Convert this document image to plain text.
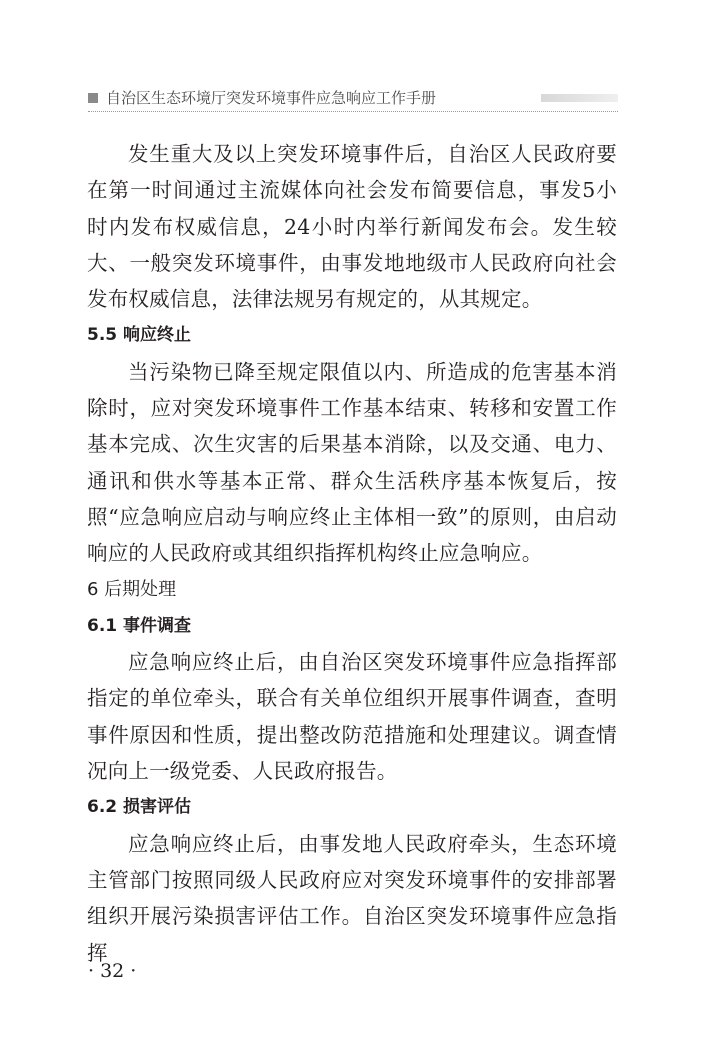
自治区生态环境厅突发环境事件应急响应工作手册

发生重大及以上突发环境事件后，自治区人民政府要在第一时间通过主流媒体向社会发布简要信息，事发5小时内发布权威信息，24小时内举行新闻发布会。发生较大、一般突发环境事件，由事发地地级市人民政府向社会发布权威信息，法律法规另有规定的，从其规定。

5.5 响应终止

当污染物已降至规定限值以内、所造成的危害基本消除时，应对突发环境事件工作基本结束、转移和安置工作基本完成、次生灾害的后果基本消除，以及交通、电力、通讯和供水等基本正常、群众生活秩序基本恢复后，按照“应急响应启动与响应终止主体相一致”的原则，由启动响应的人民政府或其组织指挥机构终止应急响应。

6 后期处理

6.1 事件调查

应急响应终止后，由自治区突发环境事件应急指挥部指定的单位牵头，联合有关单位组织开展事件调查，查明事件原因和性质，提出整改防范措施和处理建议。调查情况向上一级党委、人民政府报告。

6.2 损害评估

应急响应终止后，由事发地人民政府牵头，生态环境主管部门按照同级人民政府应对突发环境事件的安排部署组织开展污染损害评估工作。自治区突发环境事件应急指挥

· 32 ·
